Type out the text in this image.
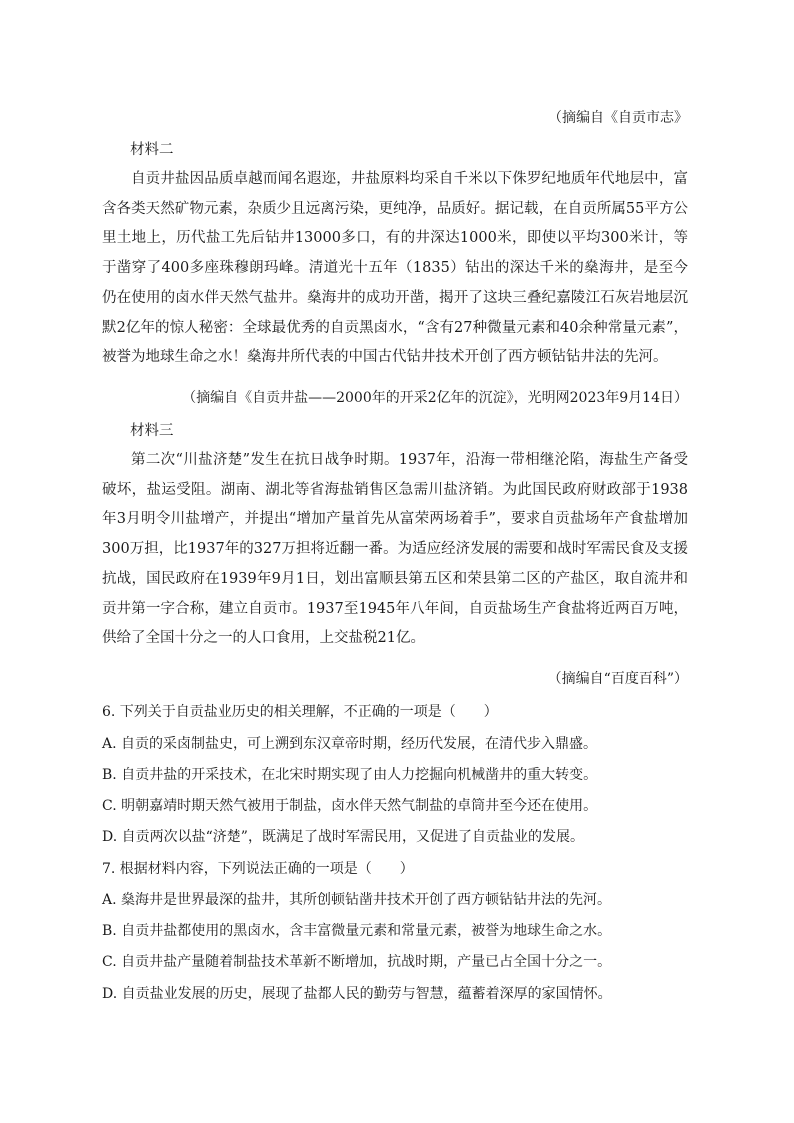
（摘编自《自贡市志》
材料二

自贡井盐因品质卓越而闻名遐迩，井盐原料均采自千米以下侏罗纪地质年代地层中，富含各类天然矿物元素，杂质少且远离污染，更纯净，品质好。据记载，在自贡所属55平方公里土地上，历代盐工先后钻井13000多口，有的井深达1000米，即使以平均300米计，等于凿穿了400多座珠穆朗玛峰。清道光十五年（1835）钻出的深达千米的燊海井，是至今仍在使用的卤水伴天然气盐井。燊海井的成功开凿，揭开了这块三叠纪嘉陵江石灰岩地层沉默2亿年的惊人秘密：全球最优秀的自贡黑卤水，“含有27种微量元素和40余种常量元素”，被誉为地球生命之水！燊海井所代表的中国古代钻井技术开创了西方顿钻钻井法的先河。

（摘编自《自贡井盐——2000年的开采2亿年的沉淀》，光明网2023年9月14日）
材料三

第二次“川盐济楚”发生在抗日战争时期。1937年，沿海一带相继沦陷，海盐生产备受破坏，盐运受阻。湖南、湖北等省海盐销售区急需川盐济销。为此国民政府财政部于1938年3月明令川盐增产，并提出“增加产量首先从富荣两场着手”，要求自贡盐场年产食盐增加300万担，比1937年的327万担将近翻一番。为适应经济发展的需要和战时军需民食及支援抗战，国民政府在1939年9月1日，划出富顺县第五区和荣县第二区的产盐区，取自流井和贡井第一字合称，建立自贡市。1937至1945年八年间，自贡盐场生产食盐将近两百万吨，供给了全国十分之一的人口食用，上交盐税21亿。

（摘编自“百度百科”）
6. 下列关于自贡盐业历史的相关理解，不正确的一项是（　　）
A. 自贡的采卤制盐史，可上溯到东汉章帝时期，经历代发展，在清代步入鼎盛。
B. 自贡井盐的开采技术，在北宋时期实现了由人力挖掘向机械凿井的重大转变。
C. 明朝嘉靖时期天然气被用于制盐，卤水伴天然气制盐的卓筒井至今还在使用。
D. 自贡两次以盐“济楚”，既满足了战时军需民用，又促进了自贡盐业的发展。
7. 根据材料内容，下列说法正确的一项是（　　）
A. 燊海井是世界最深的盐井，其所创顿钻凿井技术开创了西方顿钻钻井法的先河。
B. 自贡井盐都使用的黑卤水，含丰富微量元素和常量元素，被誉为地球生命之水。
C. 自贡井盐产量随着制盐技术革新不断增加，抗战时期，产量已占全国十分之一。
D. 自贡盐业发展的历史，展现了盐都人民的勤劳与智慧，蕴蓄着深厚的家国情怀。
